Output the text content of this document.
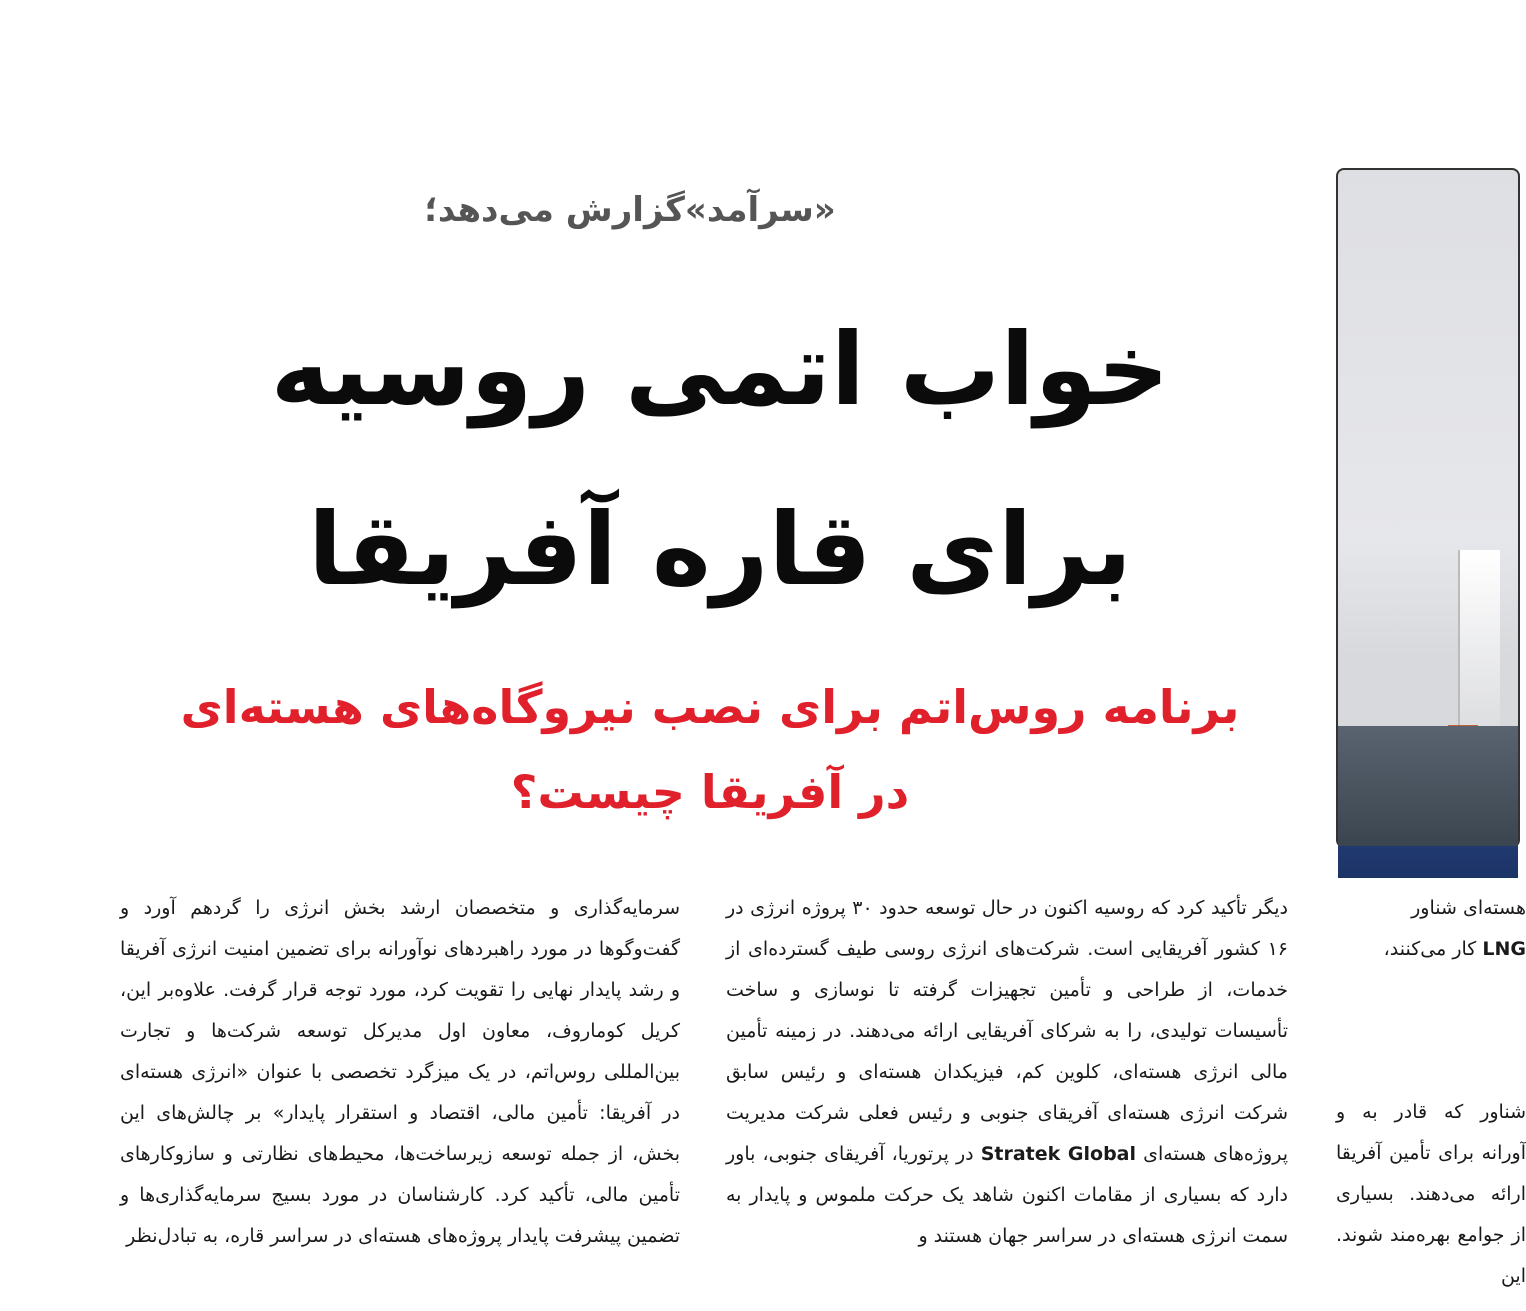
«سرآمد»گزارش می‌دهد؛
خواب اتمی روسیه
برای قاره آفریقا
برنامه روس‌اتم برای نصب نیروگاه‌های هسته‌ای
در آفریقا چیست؟

هسته‌ای شناور
LNG کار می‌کنند،

شناور که قادر به و آورانه برای تأمین آفریقا ارائه می‌دهند. بسیاری از جوامع بهره‌مند شوند. این

دیگر تأکید کرد که روسیه اکنون در حال توسعه حدود ۳۰ پروژه انرژی در ۱۶ کشور آفریقایی است. شرکت‌های انرژی روسی طیف گسترده‌ای از خدمات، از طراحی و تأمین تجهیزات گرفته تا نوسازی و ساخت تأسیسات تولیدی، را به شرکای آفریقایی ارائه می‌دهند. در زمینه تأمین مالی انرژی هسته‌ای، کلوین کم، فیزیکدان هسته‌ای و رئیس سابق شرکت انرژی هسته‌ای آفریقای جنوبی و رئیس فعلی شرکت مدیریت پروژه‌های هسته‌ای Stratek Global در پرتوریا، آفریقای جنوبی، باور دارد که بسیاری از مقامات اکنون شاهد یک حرکت ملموس و پایدار به سمت انرژی هسته‌ای در سراسر جهان هستند و

سرمایه‌گذاری و متخصصان ارشد بخش انرژی را گردهم آورد و گفت‌وگوها در مورد راهبردهای نوآورانه برای تضمین امنیت انرژی آفریقا و رشد پایدار نهایی را تقویت کرد، مورد توجه قرار گرفت. علاوه‌بر این، کریل کوماروف، معاون اول مدیرکل توسعه شرکت‌ها و تجارت بین‌المللی روس‌اتم، در یک میزگرد تخصصی با عنوان «انرژی هسته‌ای در آفریقا: تأمین مالی، اقتصاد و استقرار پایدار» بر چالش‌های این بخش، از جمله توسعه زیرساخت‌ها، محیط‌های نظارتی و سازوکارهای تأمین مالی، تأکید کرد. کارشناسان در مورد بسیج سرمایه‌گذاری‌ها و تضمین پیشرفت پایدار پروژه‌های هسته‌ای در سراسر قاره، به تبادل‌نظر
